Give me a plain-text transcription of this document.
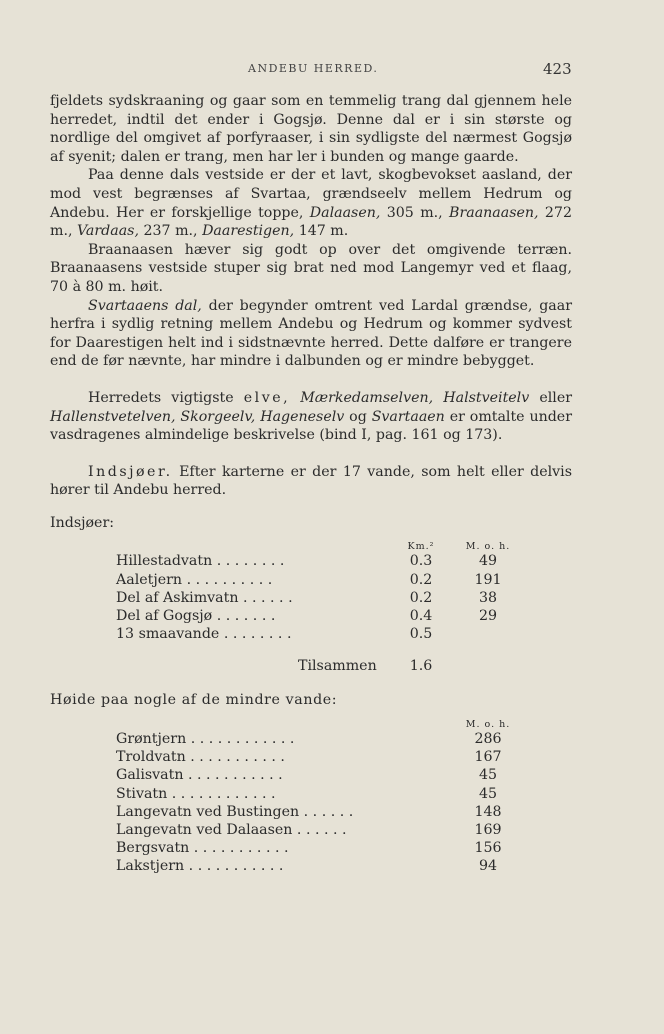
ANDEBU HERRED.	423

fjeldets sydskraaning og gaar som en temmelig trang dal gjennem hele herredet, indtil det ender i Gogsjø. Denne dal er i sin største og nordlige del omgivet af porfyraaser, i sin sydligste del nærmest Gogsjø af syenit; dalen er trang, men har ler i bunden og mange gaarde.

Paa denne dals vestside er der et lavt, skogbevokset aasland, der mod vest begrænses af Svartaa, grændseelv mellem Hedrum og Andebu. Her er forskjellige toppe, Dalaasen, 305 m., Braanaasen, 272 m., Vardaas, 237 m., Daarestigen, 147 m.

Braanaasen hæver sig godt op over det omgivende terræn. Braanaasens vestside stuper sig brat ned mod Langemyr ved et flaag, 70 à 80 m. høit.

Svartaaens dal, der begynder omtrent ved Lardal grændse, gaar herfra i sydlig retning mellem Andebu og Hedrum og kommer sydvest for Daarestigen helt ind i sidstnævnte herred. Dette dalføre er trangere end de før nævnte, har mindre i dalbunden og er mindre bebygget.

Herredets vigtigste elve, Mærkedamselven, Halstveitelv eller Hallenstvetelven, Skorgeelv, Hageneselv og Svartaaen er omtalte under vasdragenes almindelige beskrivelse (bind I, pag. 161 og 173).

Indsjøer. Efter karterne er der 17 vande, som helt eller delvis hører til Andebu herred.

Indsjøer:

Km.²	M. o. h.
Hillestadvatn . . . . . . . .	0.3	49
Aaletjern . . . . . . . . . .	0.2	191
Del af Askimvatn . . . . . .	0.2	38
Del af Gogsjø . . . . . . .	0.4	29
13 smaavande . . . . . . . .	0.5
Tilsammen	1.6

Høide paa nogle af de mindre vande:

M. o. h.
Grøntjern . . . . . . . . . . . .	286
Troldvatn . . . . . . . . . . .	167
Galisvatn . . . . . . . . . . .	45
Stivatn . . . . . . . . . . . .	45
Langevatn ved Bustingen . . . . . .	148
Langevatn ved Dalaasen . . . . . .	169
Bergsvatn . . . . . . . . . . .	156
Lakstjern . . . . . . . . . . .	94
